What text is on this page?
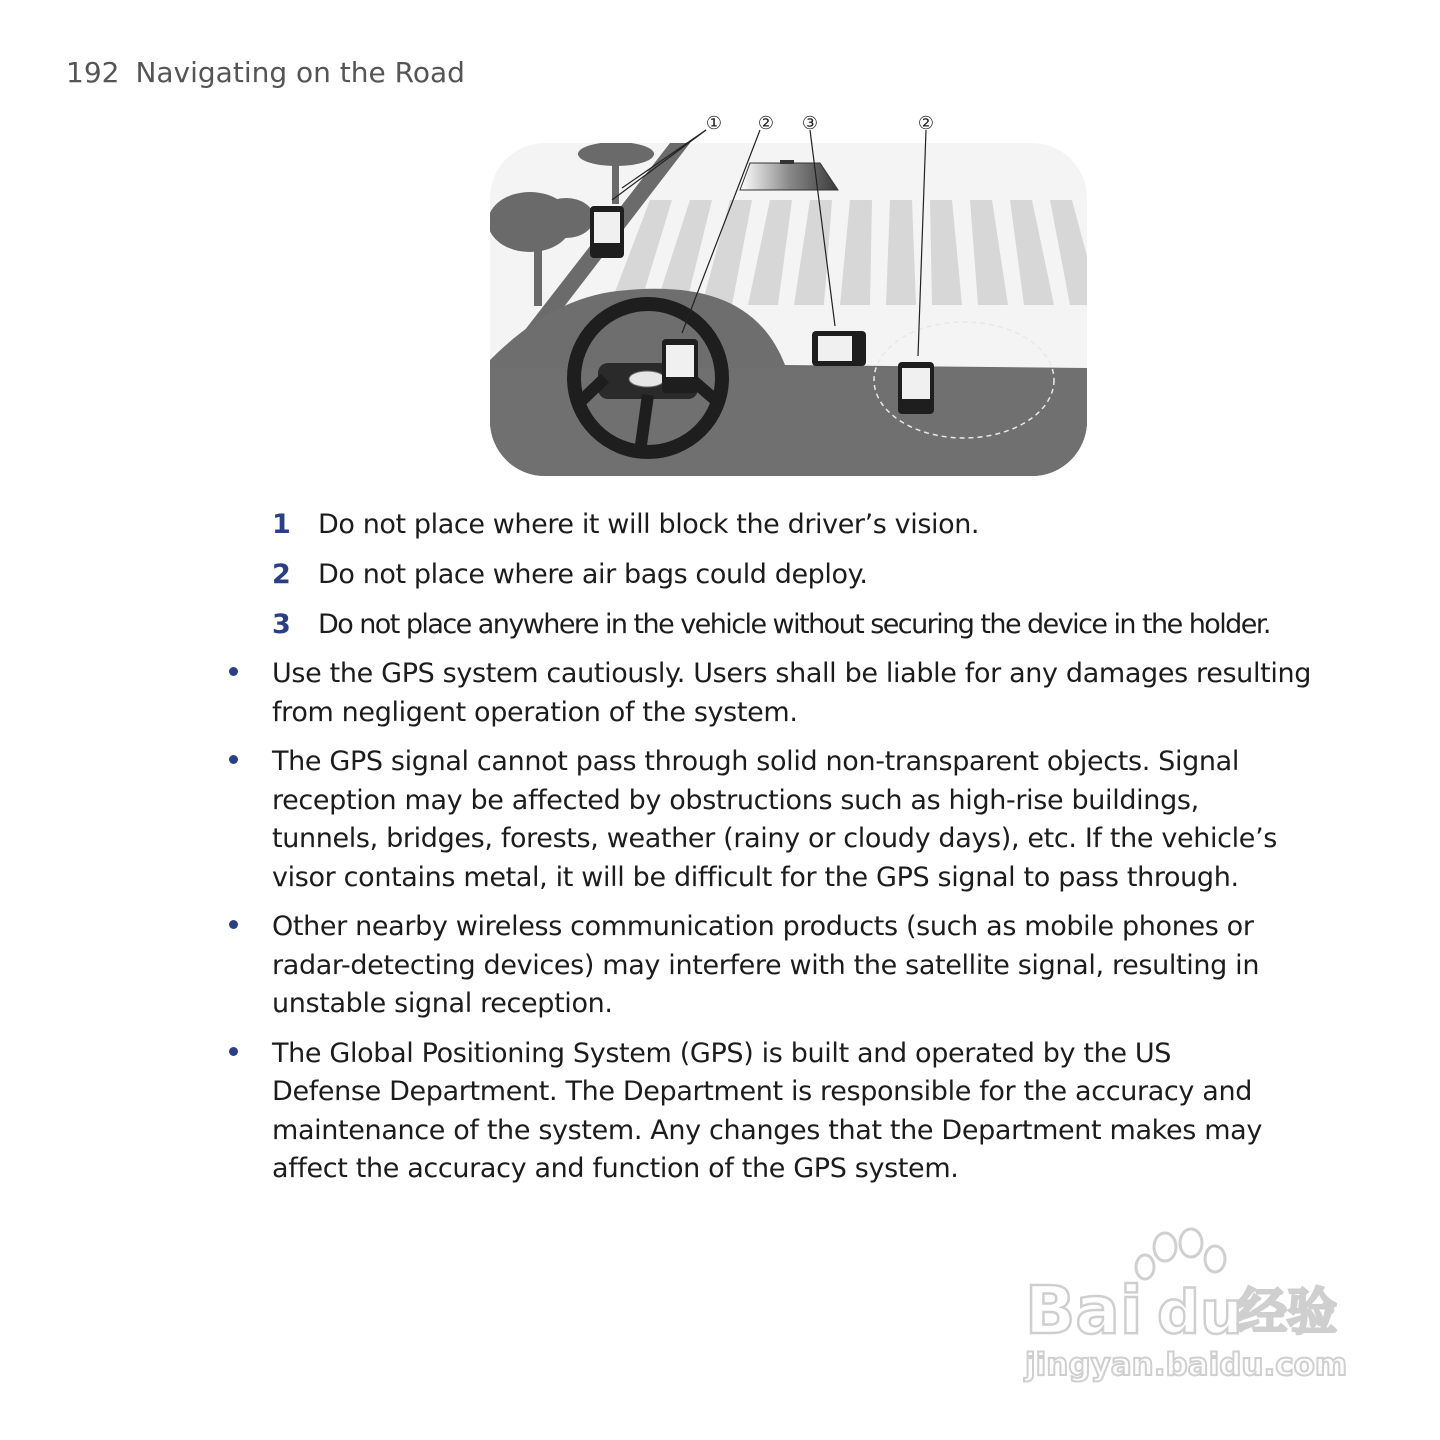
192 Navigating on the Road
① ② ③	②
1 Do not place where it will block the driver’s vision.
2 Do not place where air bags could deploy.
3 Do not place anywhere in the vehicle without securing the device in the holder.
Use the GPS system cautiously. Users shall be liable for any damages resulting
from negligent operation of the system.
The GPS signal cannot pass through solid non-transparent objects. Signal
reception may be affected by obstructions such as high-rise buildings,
tunnels, bridges, forests, weather (rainy or cloudy days), etc. If the vehicle’s
visor contains metal, it will be difficult for the GPS signal to pass through.
Other nearby wireless communication products (such as mobile phones or
radar-detecting devices) may interfere with the satellite signal, resulting in
unstable signal reception.
The Global Positioning System (GPS) is built and operated by the US
Defense Department. The Department is responsible for the accuracy and
maintenance of the system. Any changes that the Department makes may
affect the accuracy and function of the GPS system.
Bai du
经验
jingyan.baidu.com
